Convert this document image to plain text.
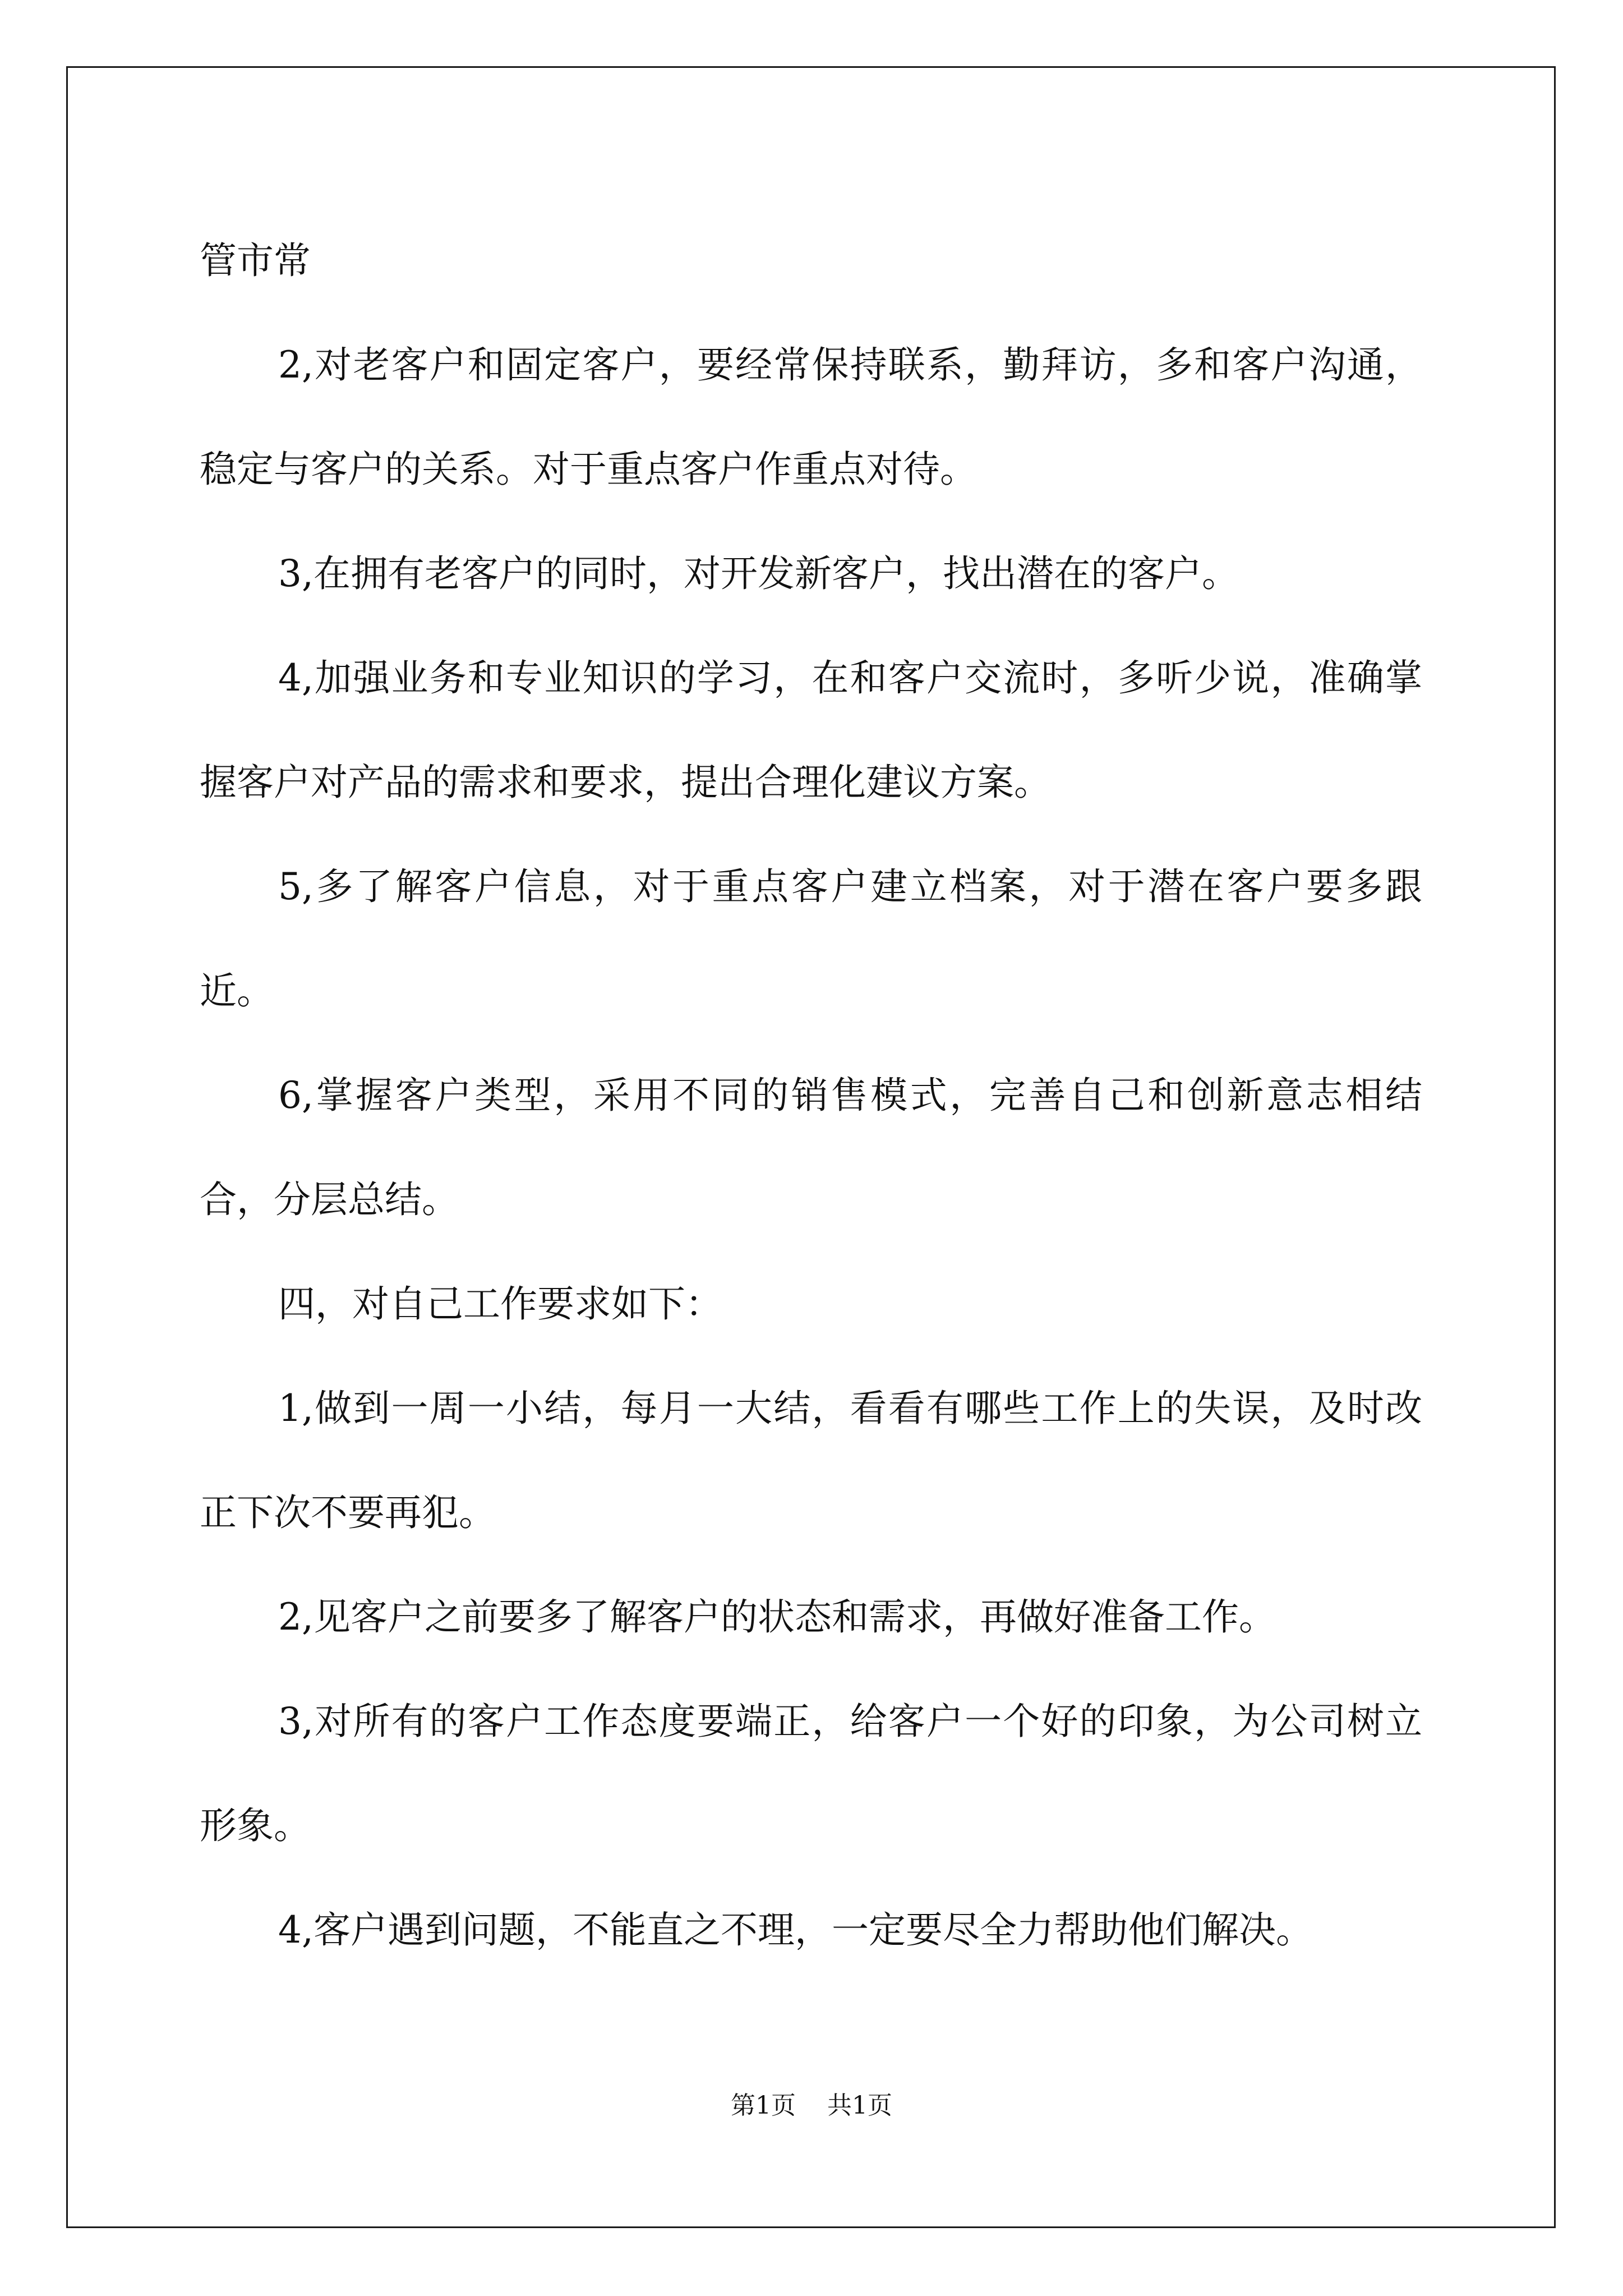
管市常

2,对老客户和固定客户，要经常保持联系，勤拜访，多和客户沟通，稳定与客户的关系。对于重点客户作重点对待。

3,在拥有老客户的同时，对开发新客户，找出潜在的客户。

4,加强业务和专业知识的学习，在和客户交流时，多听少说，准确掌握客户对产品的需求和要求，提出合理化建议方案。

5,多了解客户信息，对于重点客户建立档案，对于潜在客户要多跟近。

6,掌握客户类型，采用不同的销售模式，完善自己和创新意志相结合，分层总结。

四，对自己工作要求如下：

1,做到一周一小结，每月一大结，看看有哪些工作上的失误，及时改正下次不要再犯。

2,见客户之前要多了解客户的状态和需求，再做好准备工作。

3,对所有的客户工作态度要端正，给客户一个好的印象，为公司树立形象。

4,客户遇到问题，不能直之不理，一定要尽全力帮助他们解决。

第1页 共1页
